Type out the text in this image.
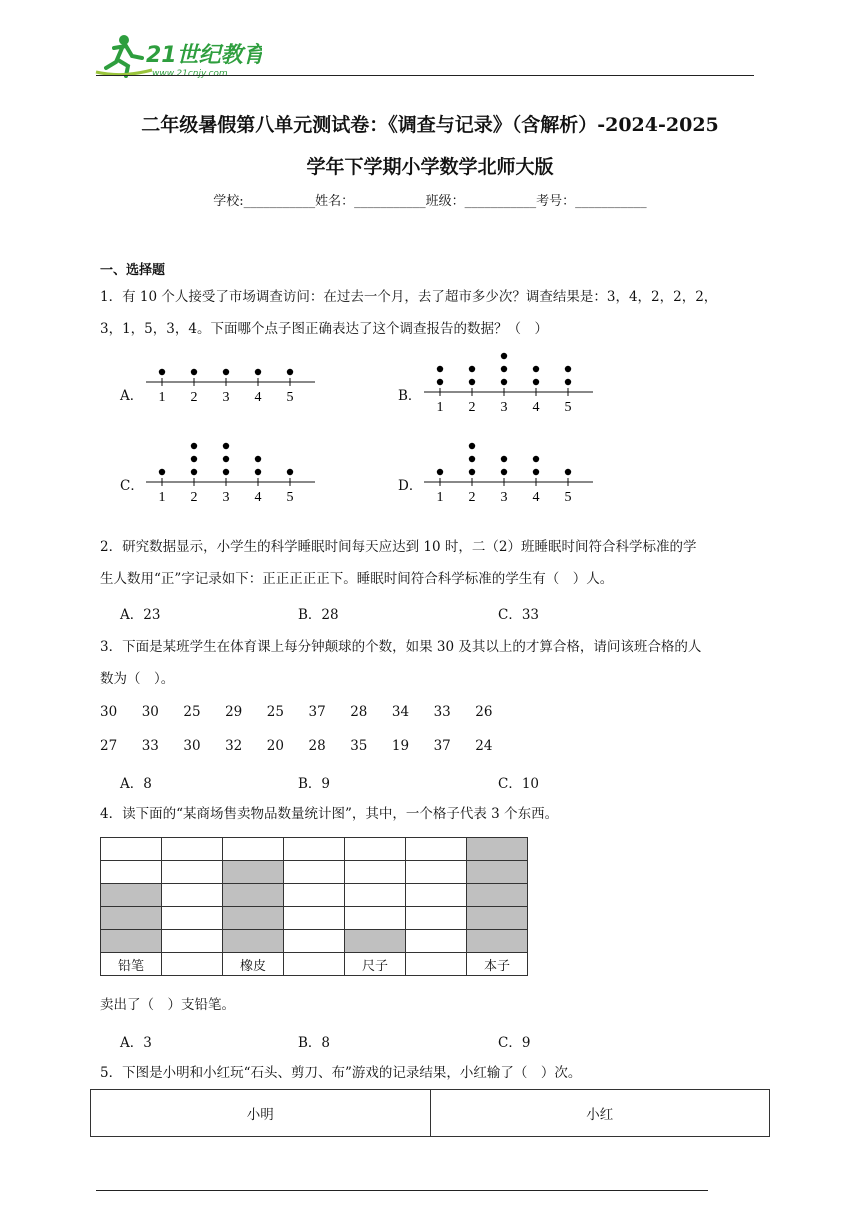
21世纪教育
www.21cnjy.com
二年级暑假第八单元测试卷：《调查与记录》（含解析）-2024-2025
学年下学期小学数学北师大版
学校:___________姓名：___________班级：___________考号：___________
一、选择题
1．有 10 个人接受了市场调查访问：在过去一个月，去了超市多少次？调查结果是：3，4，2，2，2，
3，1，5，3，4。下面哪个点子图正确表达了这个调查报告的数据？（　）
A．	B．
C．	D．
1 2 3 4 5
1 2 3 4 5
1 2 3 4 5	1 2 3 4 5
2．研究数据显示，小学生的科学睡眠时间每天应达到 10 时，二（2）班睡眠时间符合科学标准的学
生人数用“正”字记录如下：正正正正正下。睡眠时间符合科学标准的学生有（　）人。
A．23	B．28	C．33
3．下面是某班学生在体育课上每分钟颠球的个数，如果 30 及其以上的才算合格，请问该班合格的人
数为（　）。
30 30 25 29 25 37 28 34 33 26
27 33 30 32 20 28 35 19 37 24
A．8	B．9	C．10
4．读下面的“某商场售卖物品数量统计图”，其中，一个格子代表 3 个东西。

铅笔		橡皮		尺子		本子
卖出了（　）支铅笔。
A．3	B．8	C．9
5．下图是小明和小红玩“石头、剪刀、布”游戏的记录结果，小红输了（　）次。
小明	小红
